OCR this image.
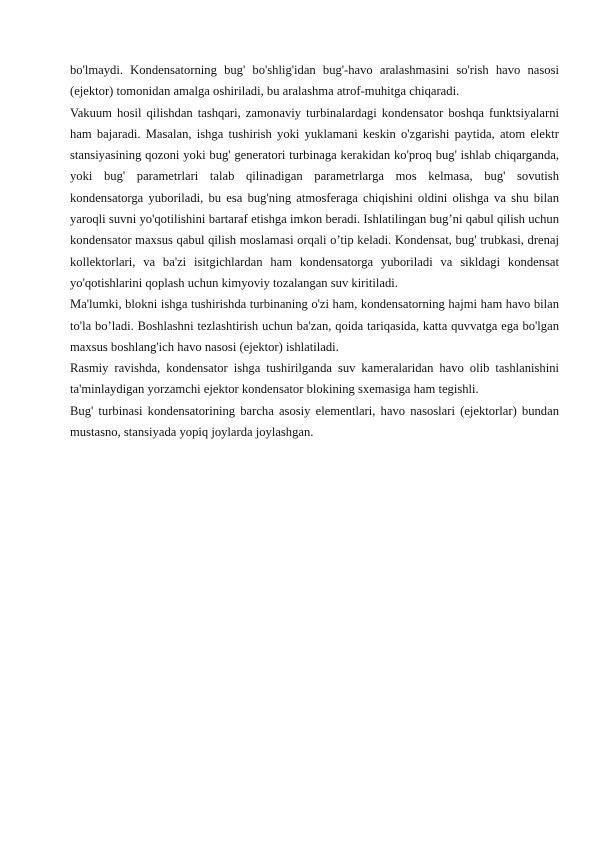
bo'lmaydi. Kondensatorning bug' bo'shlig'idan bug'-havo aralashmasini so'rish havo nasosi (ejektor) tomonidan amalga oshiriladi, bu aralashma atrof-muhitga chiqaradi.

Vakuum hosil qilishdan tashqari, zamonaviy turbinalardagi kondensator boshqa funktsiyalarni ham bajaradi. Masalan, ishga tushirish yoki yuklamani keskin o'zgarishi paytida, atom elektr stansiyasining qozoni yoki bug' generatori turbinaga kerakidan ko'proq bug' ishlab chiqarganda, yoki bug' parametrlari talab qilinadigan parametrlarga mos kelmasa, bug' sovutish kondensatorga yuboriladi, bu esa bug'ning atmosferaga chiqishini oldini olishga va shu bilan yaroqli suvni yo'qotilishini bartaraf etishga imkon beradi. Ishlatilingan bug’ni qabul qilish uchun kondensator maxsus qabul qilish moslamasi orqali o’tip keladi. Kondensat, bug' trubkasi, drenaj kollektorlari, va ba'zi isitgichlardan ham kondensatorga yuboriladi va sikldagi kondensat yo'qotishlarini qoplash uchun kimyoviy tozalangan suv kiritiladi.

Ma'lumki, blokni ishga tushirishda turbinaning o'zi ham, kondensatorning hajmi ham havo bilan to'la bo’ladi. Boshlashni tezlashtirish uchun ba'zan, qoida tariqasida, katta quvvatga ega bo'lgan maxsus boshlang'ich havo nasosi (ejektor) ishlatiladi.

Rasmiy ravishda, kondensator ishga tushirilganda suv kameralaridan havo olib tashlanishini ta'minlaydigan yorzamchi ejektor kondensator blokining sxemasiga ham tegishli.

Bug' turbinasi kondensatorining barcha asosiy elementlari, havo nasoslari (ejektorlar) bundan mustasno, stansiyada yopiq joylarda joylashgan.
